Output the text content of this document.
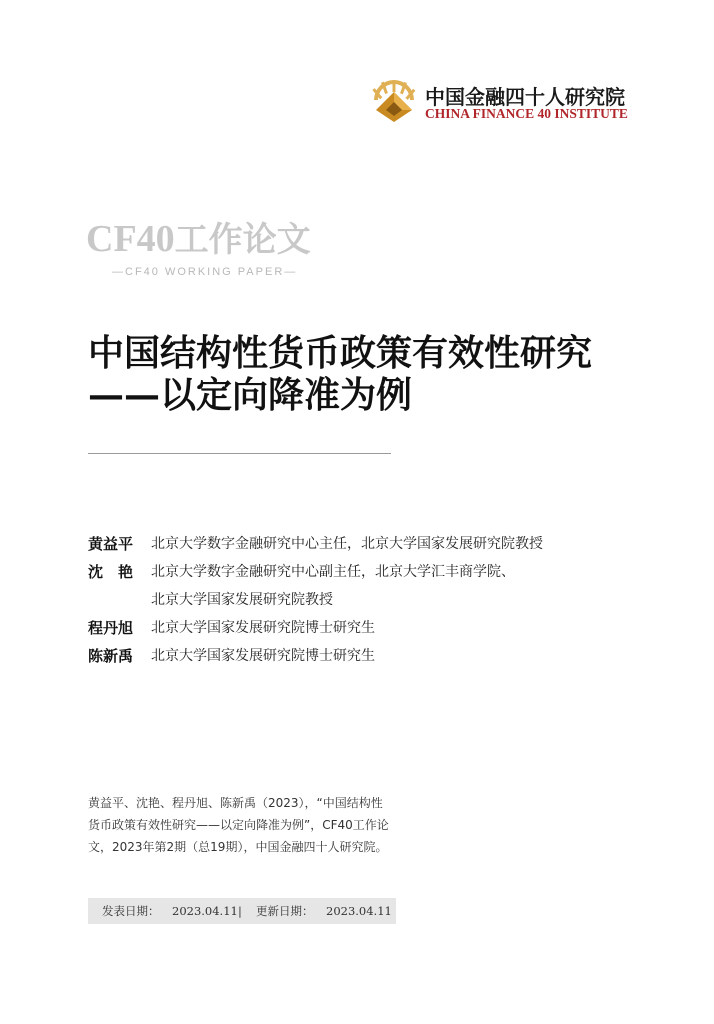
中国金融四十人研究院
CHINA FINANCE 40 INSTITUTE
CF40工作论文
—CF40 WORKING PAPER—
中国结构性货币政策有效性研究
——以定向降准为例
黄益平	北京大学数字金融研究中心主任，北京大学国家发展研究院教授
沈　艳	北京大学数字金融研究中心副主任，北京大学汇丰商学院、
北京大学国家发展研究院教授
程丹旭	北京大学国家发展研究院博士研究生
陈新禹	北京大学国家发展研究院博士研究生
黄益平、沈艳、程丹旭、陈新禹（2023），“中国结构性
货币政策有效性研究——以定向降准为例”，CF40工作论
文，2023年第2期（总19期），中国金融四十人研究院。
发表日期： 2023.04.11 | 更新日期： 2023.04.11
